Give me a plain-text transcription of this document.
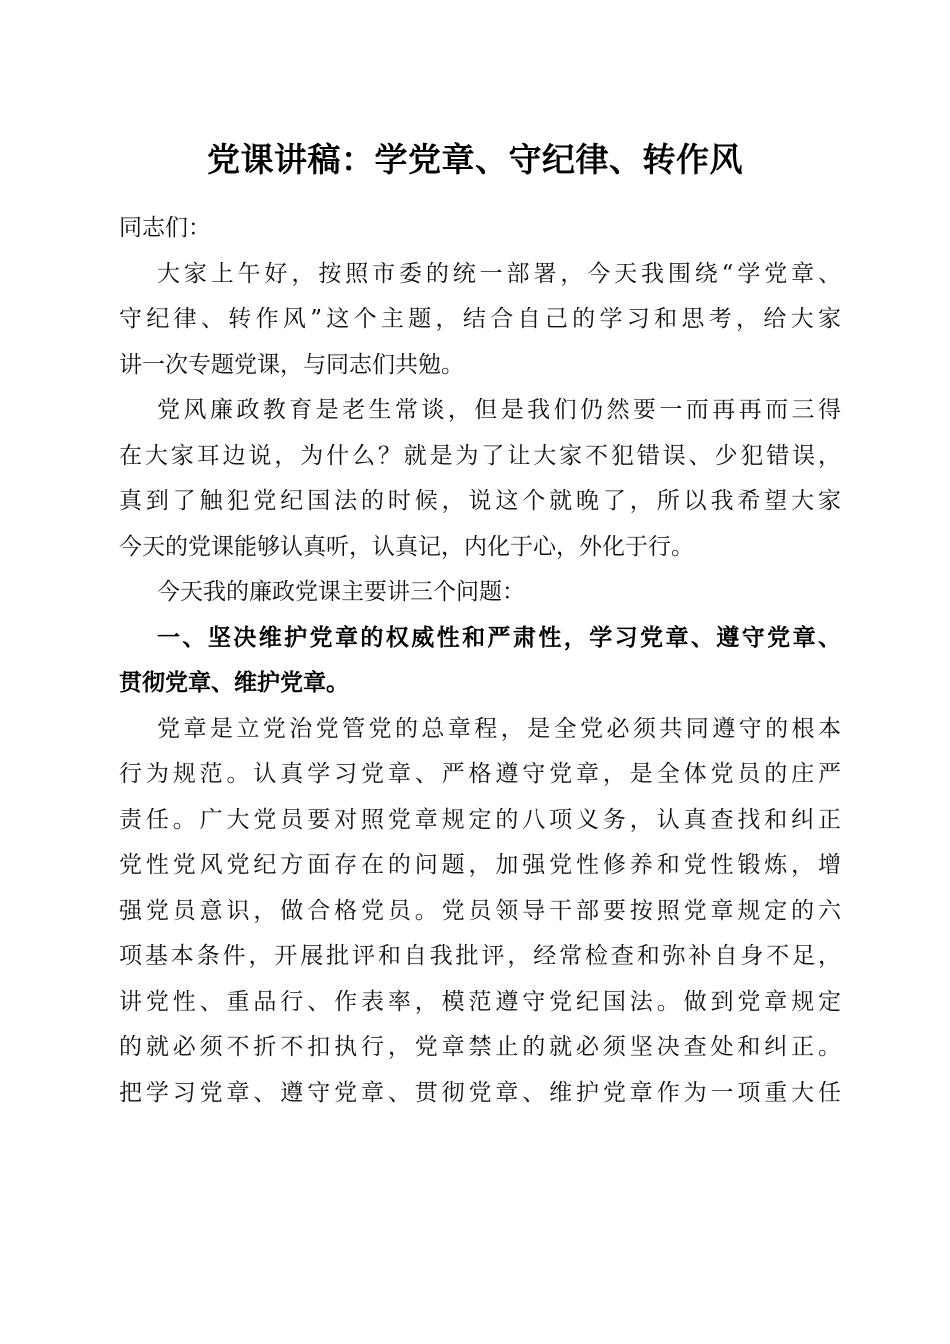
党课讲稿：学党章、守纪律、转作风
同志们：
大家上午好，按照市委的统一部署，今天我围绕“学党章、
守纪律、转作风”这个主题，结合自己的学习和思考，给大家
讲一次专题党课，与同志们共勉。
党风廉政教育是老生常谈，但是我们仍然要一而再再而三得
在大家耳边说，为什么？就是为了让大家不犯错误、少犯错误，
真到了触犯党纪国法的时候，说这个就晚了，所以我希望大家
今天的党课能够认真听，认真记，内化于心，外化于行。
今天我的廉政党课主要讲三个问题：
一、坚决维护党章的权威性和严肃性，学习党章、遵守党章、
贯彻党章、维护党章。
党章是立党治党管党的总章程，是全党必须共同遵守的根本
行为规范。认真学习党章、严格遵守党章，是全体党员的庄严
责任。广大党员要对照党章规定的八项义务，认真查找和纠正
党性党风党纪方面存在的问题，加强党性修养和党性锻炼，增
强党员意识，做合格党员。党员领导干部要按照党章规定的六
项基本条件，开展批评和自我批评，经常检查和弥补自身不足，
讲党性、重品行、作表率，模范遵守党纪国法。做到党章规定
的就必须不折不扣执行，党章禁止的就必须坚决查处和纠正。
把学习党章、遵守党章、贯彻党章、维护党章作为一项重大任
